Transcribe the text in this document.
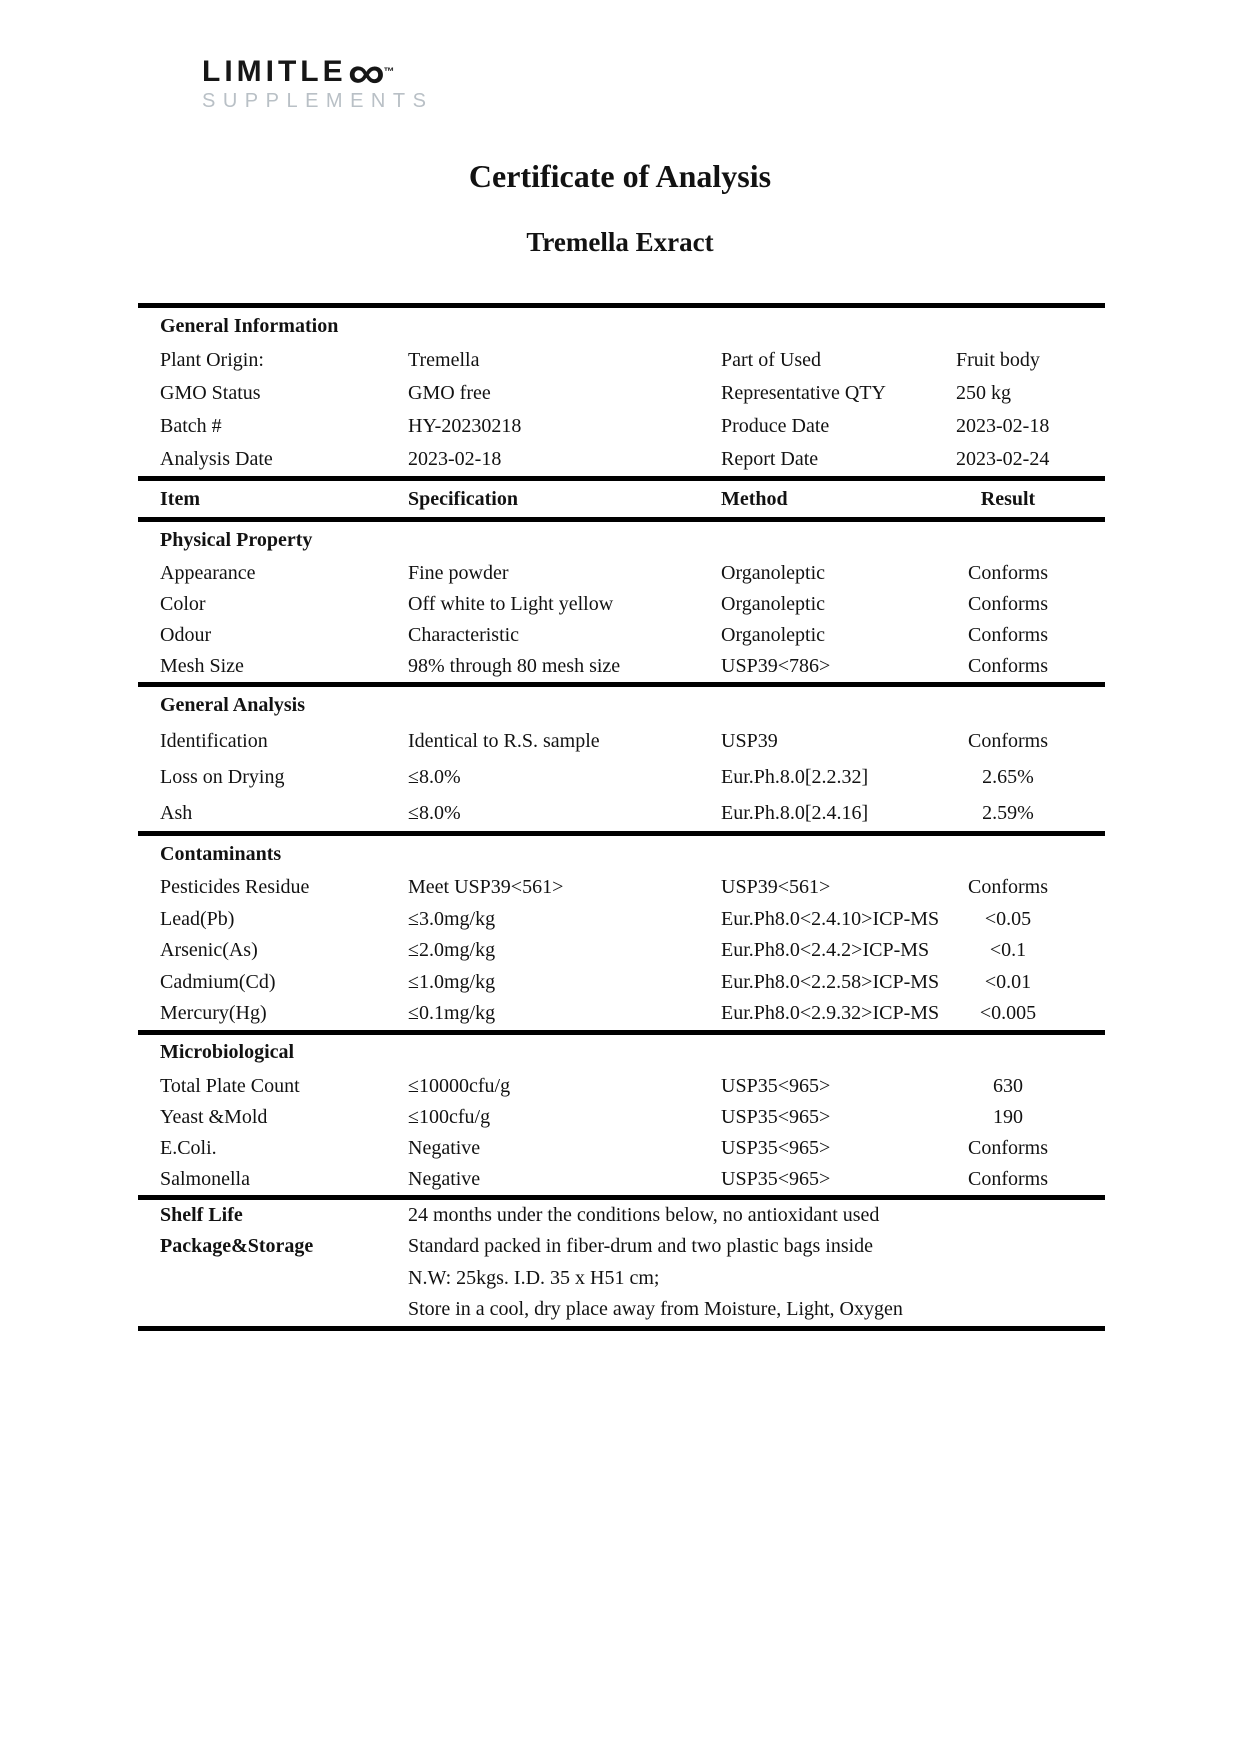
LIMITLE ∞ ™
SUPPLEMENTS
Certificate of Analysis
Tremella Exract
General Information
Plant Origin:	Tremella	Part of Used	Fruit body
GMO Status	GMO free	Representative QTY	250 kg
Batch #	HY-20230218	Produce Date	2023-02-18
Analysis Date	2023-02-18	Report Date	2023-02-24
Item	Specification	Method	Result
Physical Property
Appearance	Fine powder	Organoleptic	Conforms
Color	Off white to Light yellow	Organoleptic	Conforms
Odour	Characteristic	Organoleptic	Conforms
Mesh Size	98% through 80 mesh size	USP39<786>	Conforms
General Analysis
Identification	Identical to R.S. sample	USP39	Conforms
Loss on Drying	≤8.0%	Eur.Ph.8.0[2.2.32]	2.65%
Ash	≤8.0%	Eur.Ph.8.0[2.4.16]	2.59%
Contaminants
Pesticides Residue	Meet USP39<561>	USP39<561>	Conforms
Lead(Pb)	≤3.0mg/kg	Eur.Ph8.0<2.4.10>ICP-MS	<0.05
Arsenic(As)	≤2.0mg/kg	Eur.Ph8.0<2.4.2>ICP-MS	<0.1
Cadmium(Cd)	≤1.0mg/kg	Eur.Ph8.0<2.2.58>ICP-MS	<0.01
Mercury(Hg)	≤0.1mg/kg	Eur.Ph8.0<2.9.32>ICP-MS	<0.005
Microbiological
Total Plate Count	≤10000cfu/g	USP35<965>	630
Yeast &Mold	≤100cfu/g	USP35<965>	190
E.Coli.	Negative	USP35<965>	Conforms
Salmonella	Negative	USP35<965>	Conforms
Shelf Life	24 months under the conditions below, no antioxidant used
Package&Storage	Standard packed in fiber-drum and two plastic bags inside
N.W: 25kgs. I.D. 35 x H51 cm;
Store in a cool, dry place away from Moisture, Light, Oxygen
